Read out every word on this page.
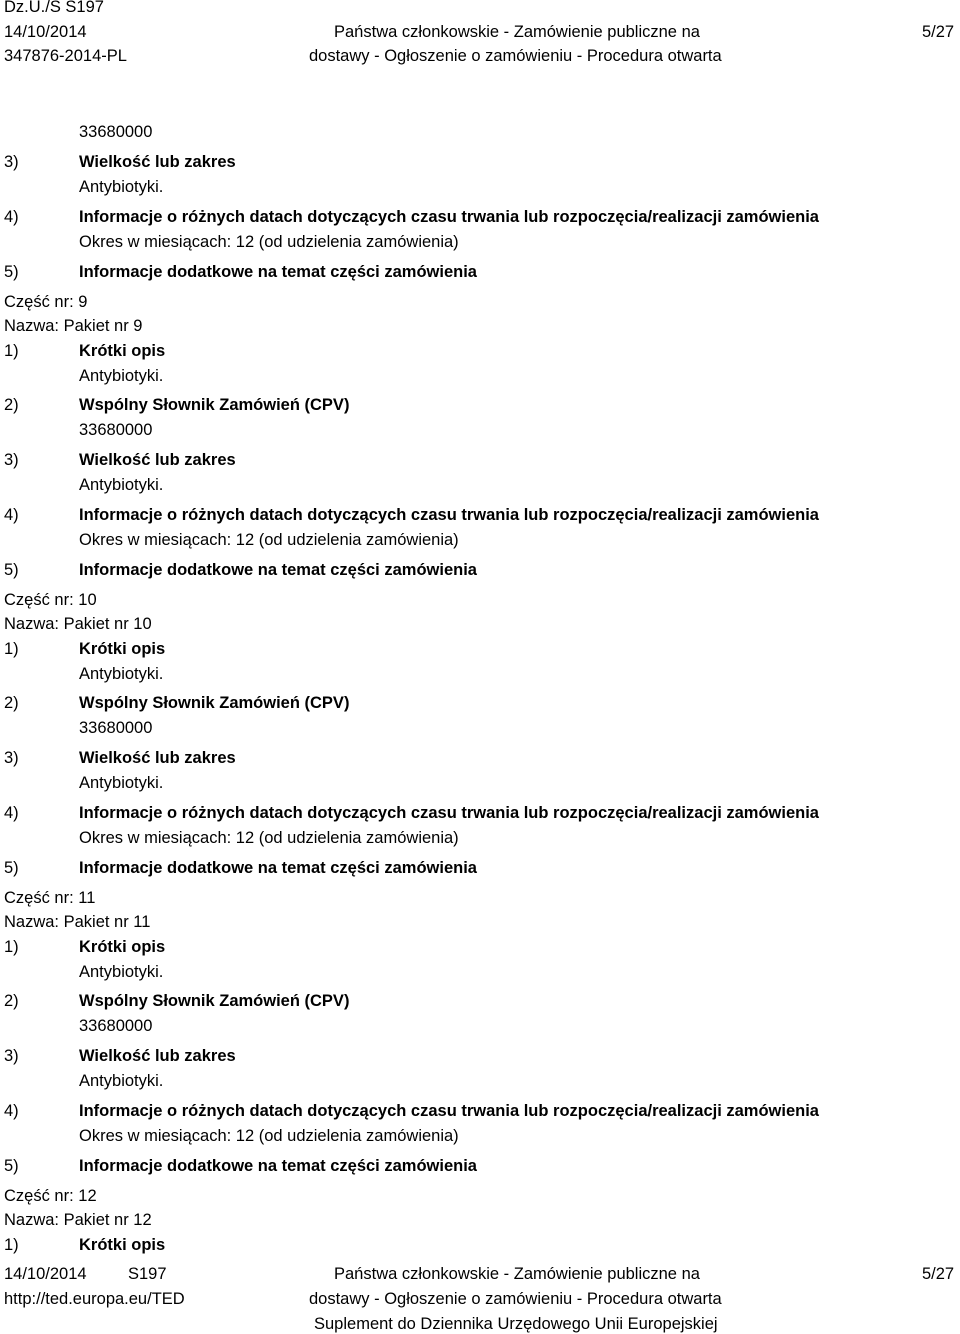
Dz.U./S S197
14/10/2014
347876-2014-PL
Państwa członkowskie - Zamówienie publiczne na
dostawy - Ogłoszenie o zamówieniu - Procedura otwarta
5/27
33680000
3)	Wielkość lub zakres
Antybiotyki.
4)	Informacje o różnych datach dotyczących czasu trwania lub rozpoczęcia/realizacji zamówienia
Okres w miesiącach: 12 (od udzielenia zamówienia)
5)	Informacje dodatkowe na temat części zamówienia
Część nr: 9
Nazwa: Pakiet nr 9
1)	Krótki opis
Antybiotyki.
2)	Wspólny Słownik Zamówień (CPV)
33680000
3)	Wielkość lub zakres
Antybiotyki.
4)	Informacje o różnych datach dotyczących czasu trwania lub rozpoczęcia/realizacji zamówienia
Okres w miesiącach: 12 (od udzielenia zamówienia)
5)	Informacje dodatkowe na temat części zamówienia
Część nr: 10
Nazwa: Pakiet nr 10
1)	Krótki opis
Antybiotyki.
2)	Wspólny Słownik Zamówień (CPV)
33680000
3)	Wielkość lub zakres
Antybiotyki.
4)	Informacje o różnych datach dotyczących czasu trwania lub rozpoczęcia/realizacji zamówienia
Okres w miesiącach: 12 (od udzielenia zamówienia)
5)	Informacje dodatkowe na temat części zamówienia
Część nr: 11
Nazwa: Pakiet nr 11
1)	Krótki opis
Antybiotyki.
2)	Wspólny Słownik Zamówień (CPV)
33680000
3)	Wielkość lub zakres
Antybiotyki.
4)	Informacje o różnych datach dotyczących czasu trwania lub rozpoczęcia/realizacji zamówienia
Okres w miesiącach: 12 (od udzielenia zamówienia)
5)	Informacje dodatkowe na temat części zamówienia
Część nr: 12
Nazwa: Pakiet nr 12
1)	Krótki opis
14/10/2014	S197
http://ted.europa.eu/TED
Państwa członkowskie - Zamówienie publiczne na
dostawy - Ogłoszenie o zamówieniu - Procedura otwarta
Suplement do Dziennika Urzędowego Unii Europejskiej
5/27
